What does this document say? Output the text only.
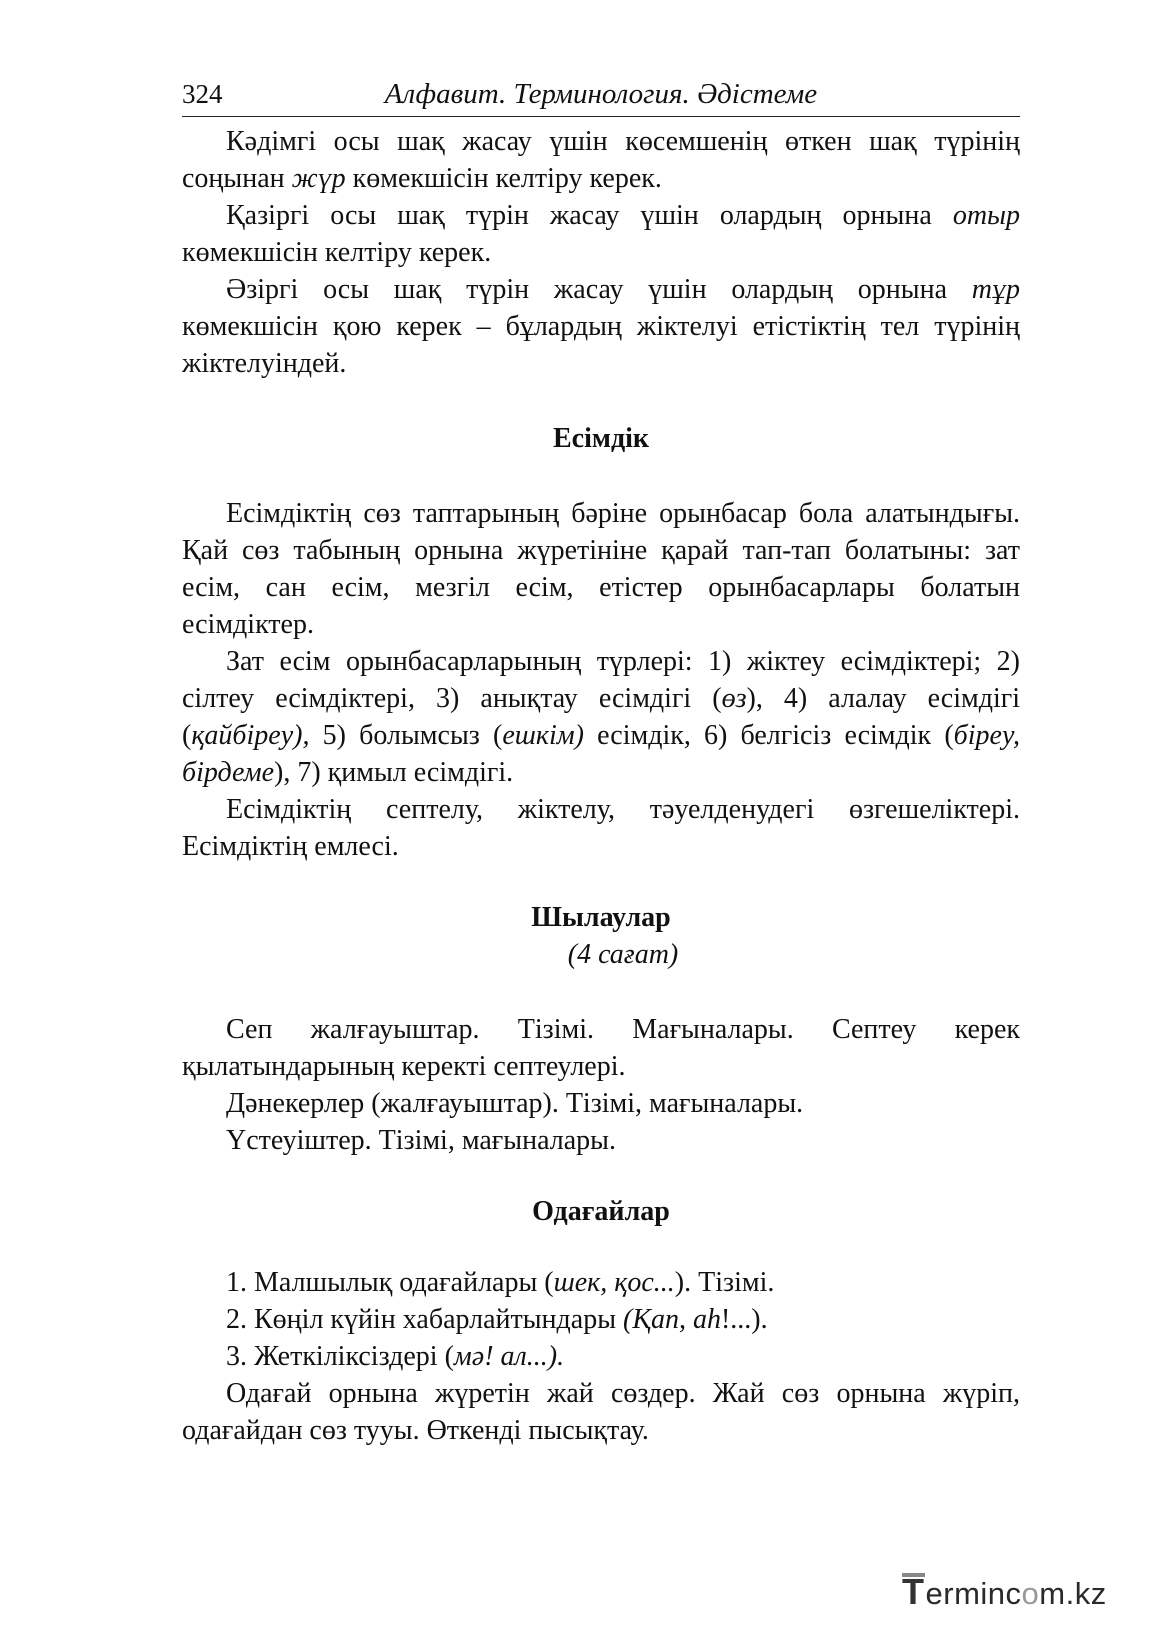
324	Алфавит. Терминология. Әдістеме

Кәдімгі осы шақ жасау үшін көсемшенің өткен шақ түрінің соңынан жүр көмекшісін келтіру керек.

Қазіргі осы шақ түрін жасау үшін олардың орнына отыр көмекшісін келтіру керек.

Әзіргі осы шақ түрін жасау үшін олардың орнына тұр көмекшісін қою керек – бұлардың жіктелуі етістіктің тел түрінің жіктелуіндей.

Есімдік

Есімдіктің сөз таптарының бәріне орынбасар бола алатындығы. Қай сөз табының орнына жүретініне қарай тап-тап болатыны: зат есім, сан есім, мезгіл есім, етістер орынбасарлары болатын есімдіктер.

Зат есім орынбасарларының түрлері: 1) жіктеу есімдіктері; 2) сілтеу есімдіктері, 3) анықтау есімдігі (өз), 4) алалау есімдігі (қайбіреу), 5) болымсыз (ешкім) есімдік, 6) белгісіз есімдік (біреу, бірдеме), 7) қимыл есімдігі.

Есімдіктің септелу, жіктелу, тәуелденудегі өзгешеліктері. Есімдіктің емлесі.

Шылаулар

(4 сағат)

Сеп жалғауыштар. Тізімі. Мағыналары. Септеу керек қылатындарының керекті септеулері.

Дәнекерлер (жалғауыштар). Тізімі, мағыналары.

Үстеуіштер. Тізімі, мағыналары.

Одағайлар

1. Малшылық одағайлары (шек, қос...). Тізімі.

2. Көңіл күйін хабарлайтындары (Қап, аһ!...).

3. Жеткіліксіздері (мә! ал...).

Одағай орнына жүретін жай сөздер. Жай сөз орнына жүріп, одағайдан сөз тууы. Өткенді пысықтау.

Termincom.kz
